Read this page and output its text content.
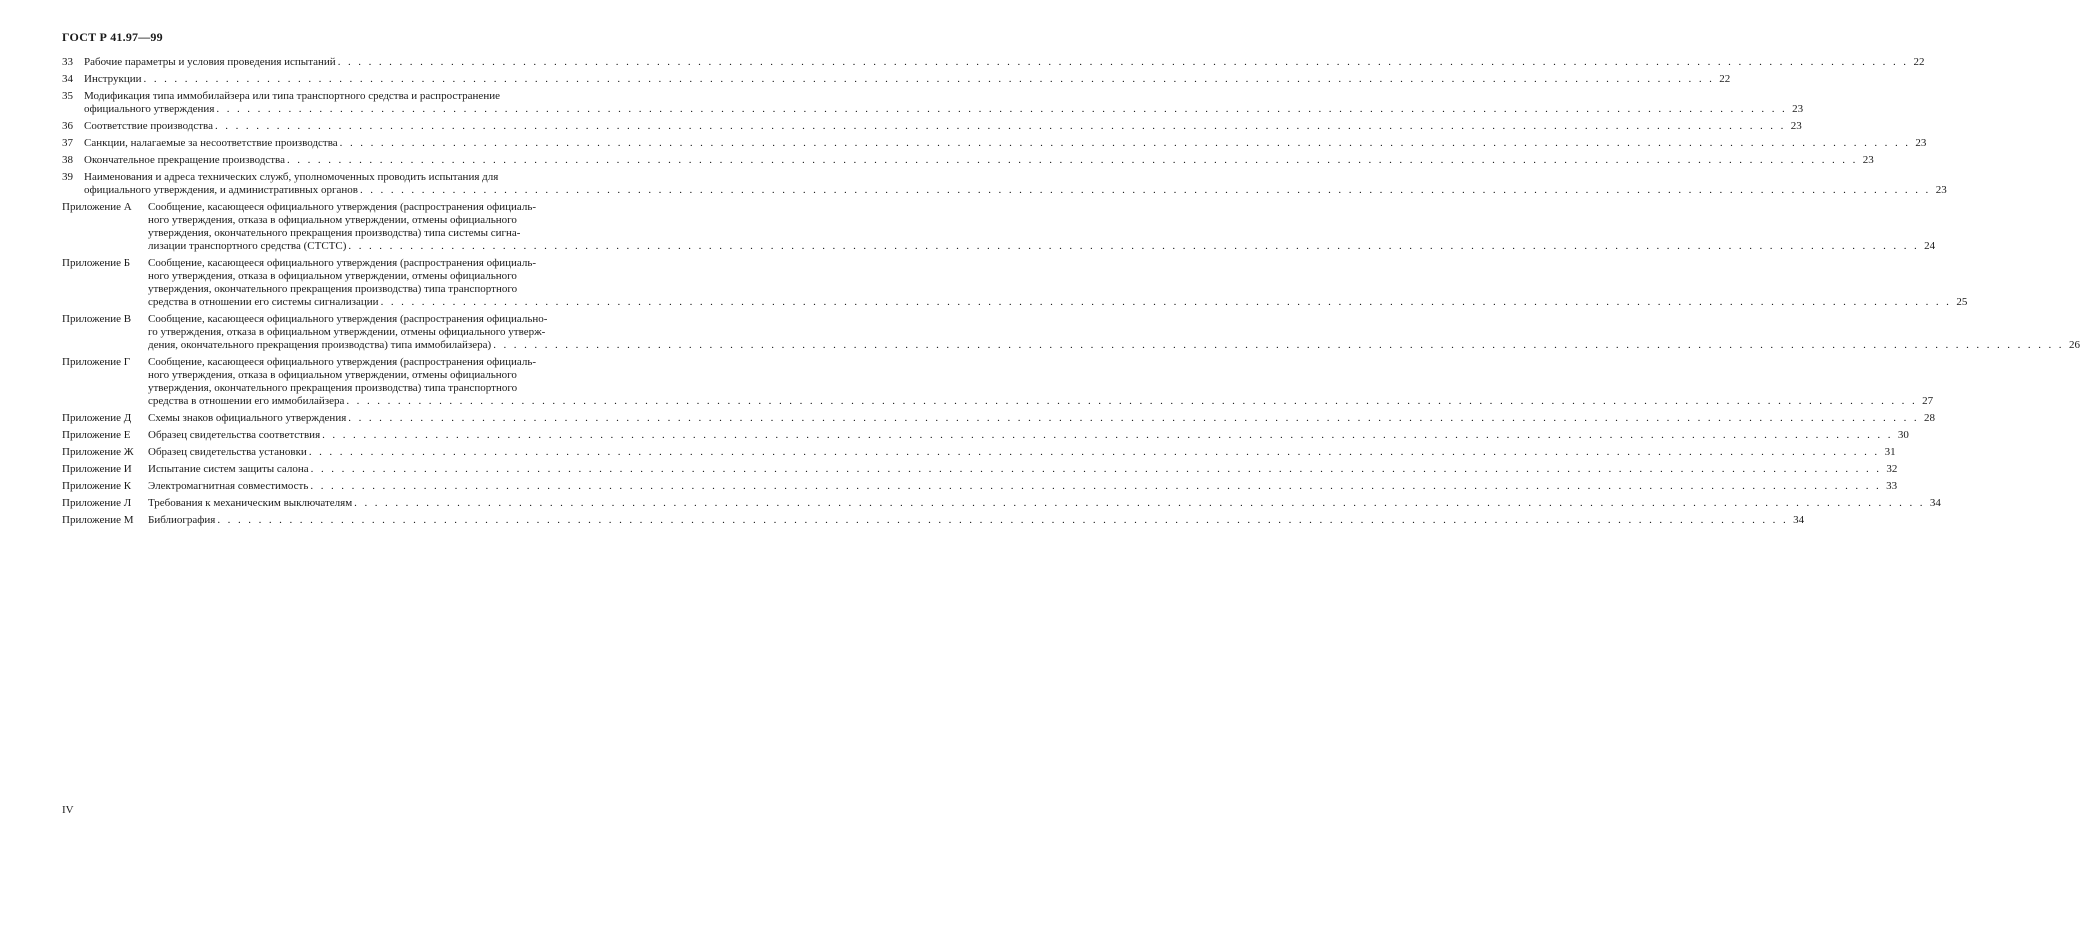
ГОСТ Р 41.97—99
33	Рабочие параметры и условия проведения испытаний . . .	22
34	Инструкции . . .	22
35	Модификация типа иммобилайзера или типа транспортного средства и распространение
официального утверждения . . .	23
36	Соответствие производства . . .	23
37	Санкции, налагаемые за несоответствие производства . . .	23
38	Окончательное прекращение производства . . .	23
39	Наименования и адреса технических служб, уполномоченных проводить испытания для
официального утверждения, и административных органов . . .	23
Приложение А	Сообщение, касающееся официального утверждения (распространения официаль-
ного утверждения, отказа в официальном утверждении, отмены официального
утверждения, окончательного прекращения производства) типа системы сигна-
лизации транспортного средства (СТСТС) . . .	24
Приложение Б	Сообщение, касающееся официального утверждения (распространения официаль-
ного утверждения, отказа в официальном утверждении, отмены официального
утверждения, окончательного прекращения производства) типа транспортного
средства в отношении его системы сигнализации . . .	25
Приложение В	Сообщение, касающееся официального утверждения (распространения официально-
го утверждения, отказа в официальном утверждении, отмены официального утверж-
дения, окончательного прекращения производства) типа иммобилайзера) . . .	26
Приложение Г	Сообщение, касающееся официального утверждения (распространения официаль-
ного утверждения, отказа в официальном утверждении, отмены официального
утверждения, окончательного прекращения производства) типа транспортного
средства в отношении его иммобилайзера . . .	27
Приложение Д	Схемы знаков официального утверждения . . .	28
Приложение Е	Образец свидетельства соответствия . . .	30
Приложение Ж	Образец свидетельства установки . . .	31
Приложение И	Испытание систем защиты салона . . .	32
Приложение К	Электромагнитная совместимость . . .	33
Приложение Л	Требования к механическим выключателям . . .	34
Приложение М	Библиография . . .	34
IV
